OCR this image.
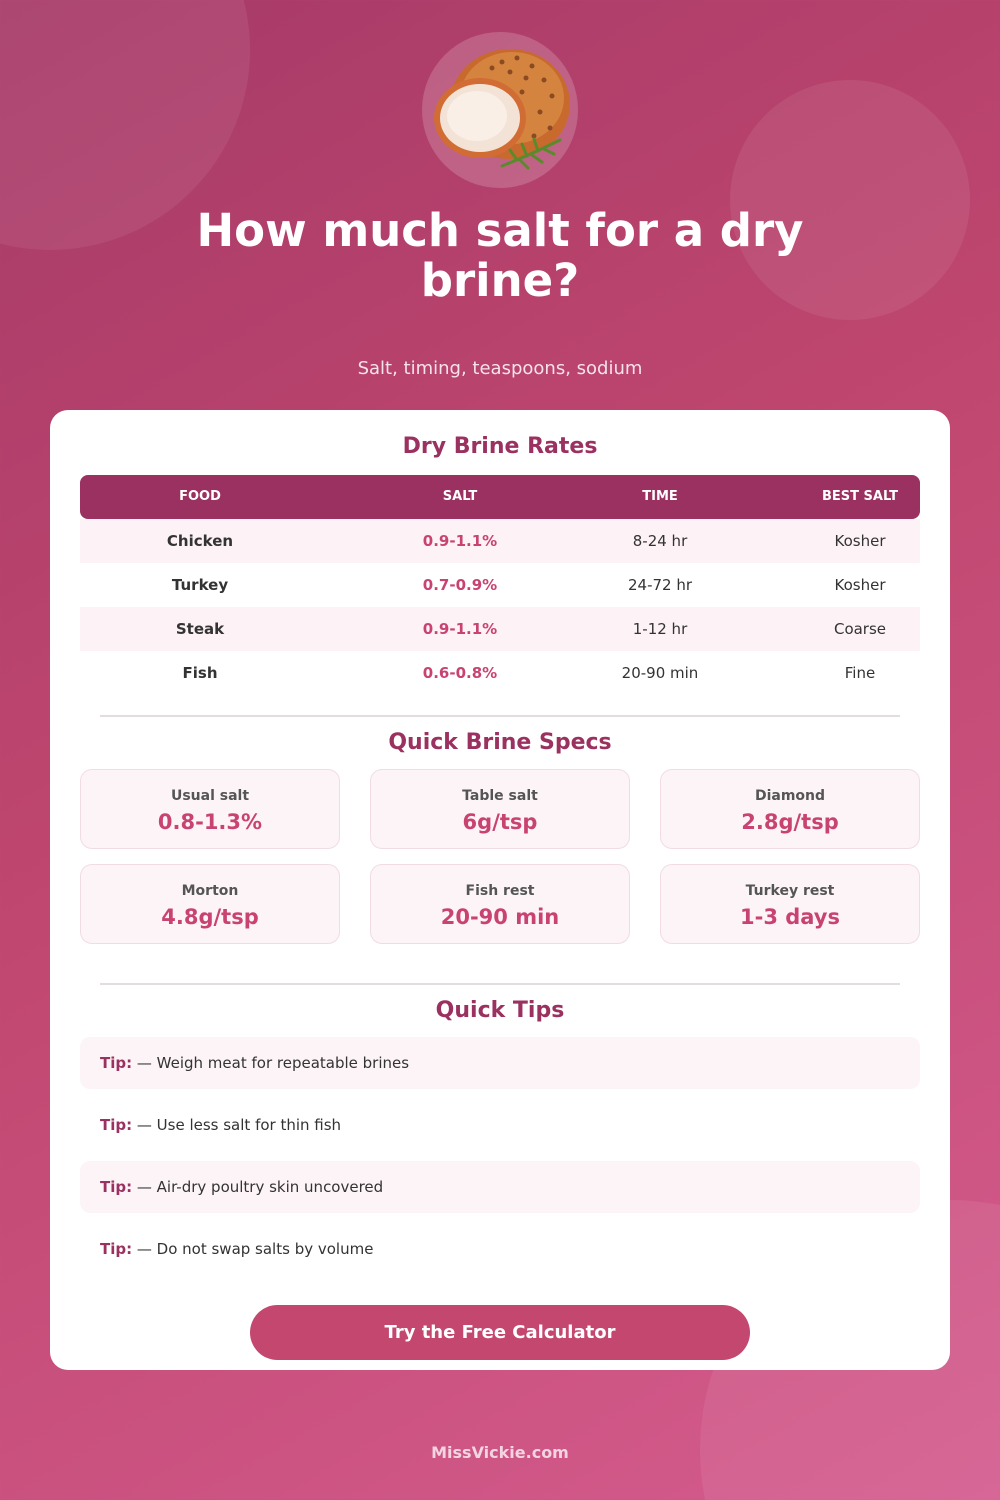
How much salt for a dry brine?
Salt, timing, teaspoons, sodium
Dry Brine Rates
FOOD	SALT	TIME	BEST SALT
Chicken	0.9-1.1%	8-24 hr	Kosher
Turkey	0.7-0.9%	24-72 hr	Kosher
Steak	0.9-1.1%	1-12 hr	Coarse
Fish	0.6-0.8%	20-90 min	Fine
Quick Brine Specs
Usual salt
0.8-1.3%
Table salt
6g/tsp
Diamond
2.8g/tsp
Morton
4.8g/tsp
Fish rest
20-90 min
Turkey rest
1-3 days
Quick Tips
Tip: — Weigh meat for repeatable brines
Tip: — Use less salt for thin fish
Tip: — Air-dry poultry skin uncovered
Tip: — Do not swap salts by volume
Try the Free Calculator
MissVickie.com
